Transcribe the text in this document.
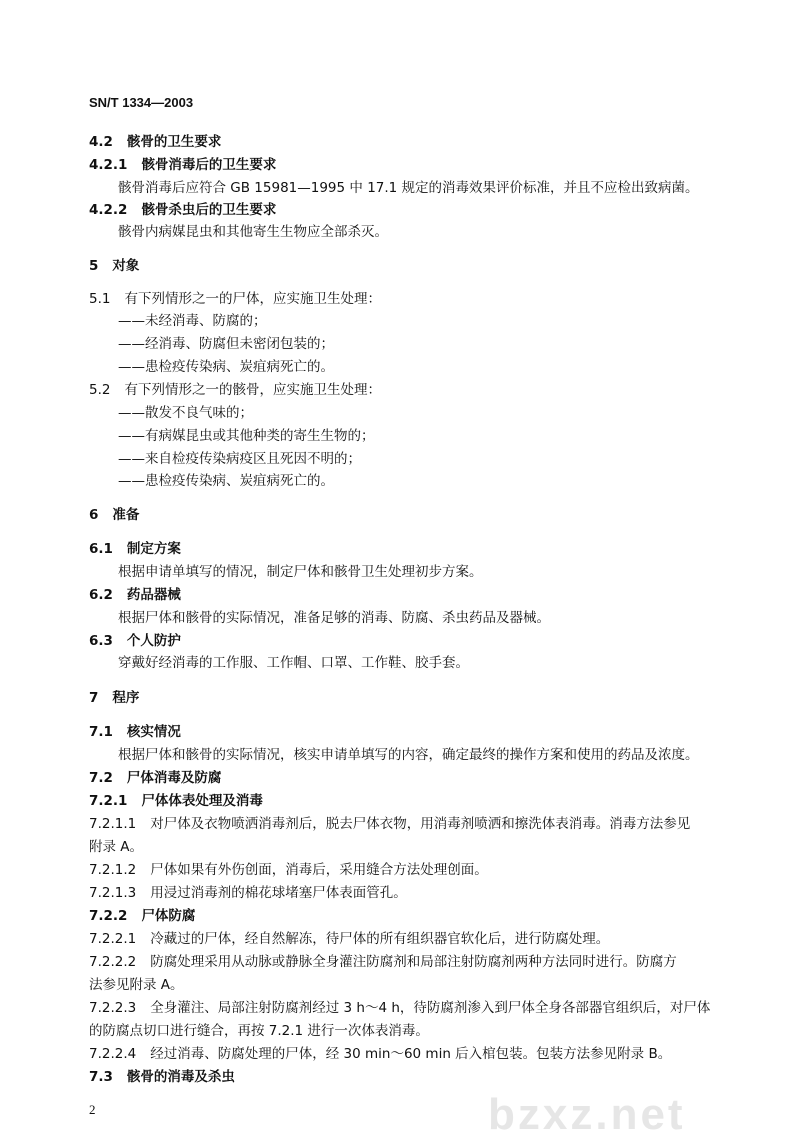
SN/T 1334—2003
4.2 骸骨的卫生要求
4.2.1 骸骨消毒后的卫生要求
骸骨消毒后应符合 GB 15981—1995 中 17.1 规定的消毒效果评价标准，并且不应检出致病菌。
4.2.2 骸骨杀虫后的卫生要求
骸骨内病媒昆虫和其他寄生生物应全部杀灭。
5 对象
5.1 有下列情形之一的尸体，应实施卫生处理：
——未经消毒、防腐的；
——经消毒、防腐但未密闭包装的；
——患检疫传染病、炭疽病死亡的。
5.2 有下列情形之一的骸骨，应实施卫生处理：
——散发不良气味的；
——有病媒昆虫或其他种类的寄生生物的；
——来自检疫传染病疫区且死因不明的；
——患检疫传染病、炭疽病死亡的。
6 准备
6.1 制定方案
根据申请单填写的情况，制定尸体和骸骨卫生处理初步方案。
6.2 药品器械
根据尸体和骸骨的实际情况，准备足够的消毒、防腐、杀虫药品及器械。
6.3 个人防护
穿戴好经消毒的工作服、工作帽、口罩、工作鞋、胶手套。
7 程序
7.1 核实情况
根据尸体和骸骨的实际情况，核实申请单填写的内容，确定最终的操作方案和使用的药品及浓度。
7.2 尸体消毒及防腐
7.2.1 尸体体表处理及消毒
7.2.1.1 对尸体及衣物喷洒消毒剂后，脱去尸体衣物，用消毒剂喷洒和擦洗体表消毒。消毒方法参见
附录 A。
7.2.1.2 尸体如果有外伤创面，消毒后，采用缝合方法处理创面。
7.2.1.3 用浸过消毒剂的棉花球堵塞尸体表面管孔。
7.2.2 尸体防腐
7.2.2.1 冷藏过的尸体，经自然解冻，待尸体的所有组织器官软化后，进行防腐处理。
7.2.2.2 防腐处理采用从动脉或静脉全身灌注防腐剂和局部注射防腐剂两种方法同时进行。防腐方
法参见附录 A。
7.2.2.3 全身灌注、局部注射防腐剂经过 3 h～4 h，待防腐剂渗入到尸体全身各部器官组织后，对尸体
的防腐点切口进行缝合，再按 7.2.1 进行一次体表消毒。
7.2.2.4 经过消毒、防腐处理的尸体，经 30 min～60 min 后入棺包装。包装方法参见附录 B。
7.3 骸骨的消毒及杀虫
2	bzxz.net
